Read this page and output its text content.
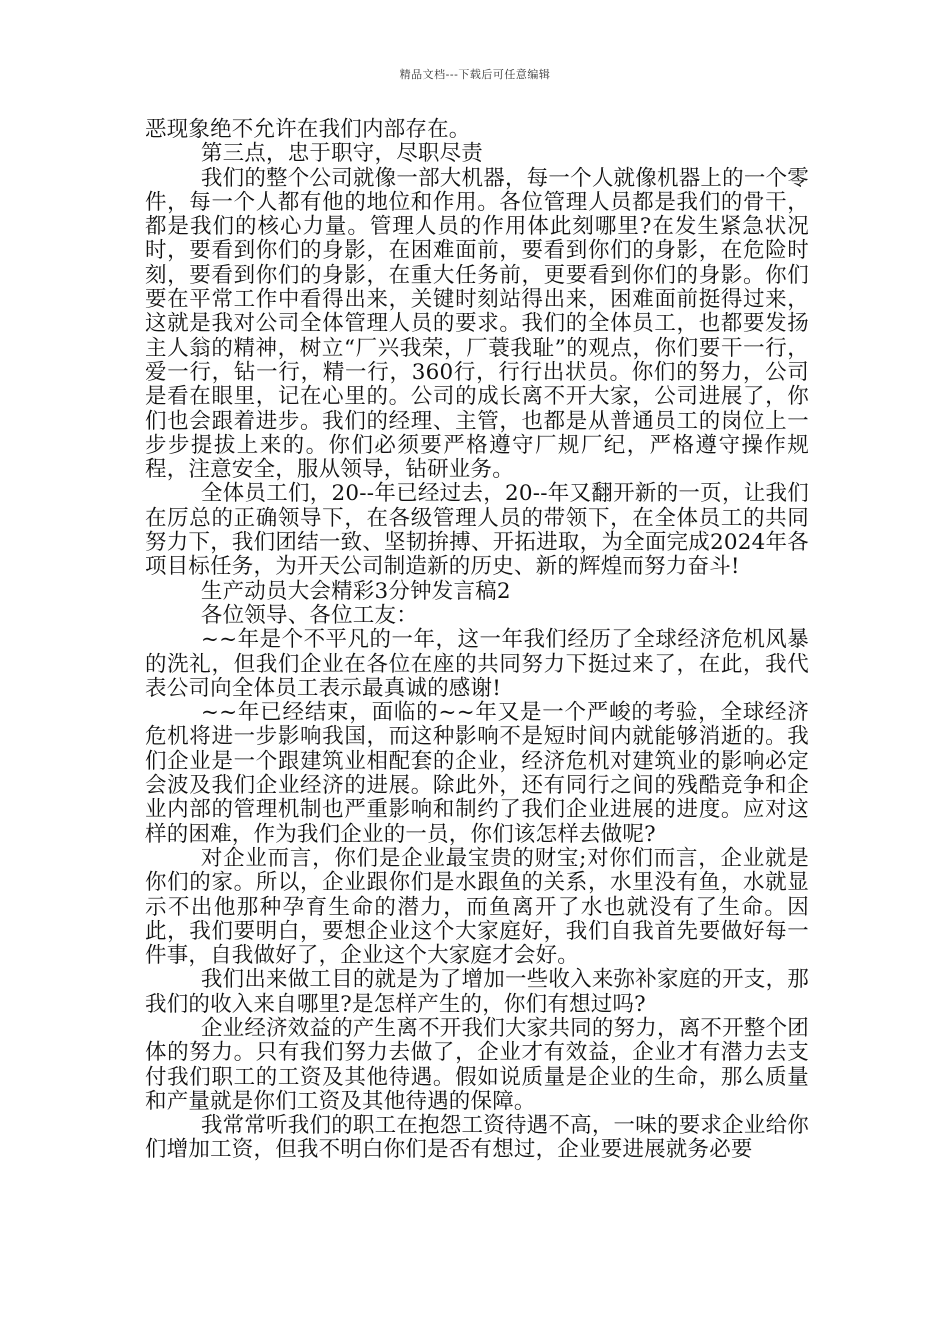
精品文档---下载后可任意编辑

恶现象绝不允许在我们内部存在。

第三点，忠于职守，尽职尽责

我们的整个公司就像一部大机器，每一个人就像机器上的一个零件，每一个人都有他的地位和作用。各位管理人员都是我们的骨干，都是我们的核心力量。管理人员的作用体此刻哪里?在发生紧急状况时，要看到你们的身影，在困难面前，要看到你们的身影，在危险时刻，要看到你们的身影，在重大任务前，更要看到你们的身影。你们要在平常工作中看得出来，关键时刻站得出来，困难面前挺得过来，这就是我对公司全体管理人员的要求。我们的全体员工，也都要发扬主人翁的精神，树立“厂兴我荣，厂蓑我耻”的观点，你们要干一行，爱一行，钻一行，精一行，360行，行行出状员。你们的努力，公司是看在眼里，记在心里的。公司的成长离不开大家，公司进展了，你们也会跟着进步。我们的经理、主管，也都是从普通员工的岗位上一步步提拔上来的。你们必须要严格遵守厂规厂纪，严格遵守操作规程，注意安全，服从领导，钻研业务。

全体员工们，20--年已经过去，20--年又翻开新的一页，让我们在厉总的正确领导下，在各级管理人员的带领下，在全体员工的共同努力下，我们团结一致、坚韧拚搏、开拓进取，为全面完成2024年各项目标任务，为开天公司制造新的历史、新的辉煌而努力奋斗!

生产动员大会精彩3分钟发言稿2

各位领导、各位工友：

~~年是个不平凡的一年，这一年我们经历了全球经济危机风暴的洗礼，但我们企业在各位在座的共同努力下挺过来了，在此，我代表公司向全体员工表示最真诚的感谢!

~~年已经结束，面临的~~年又是一个严峻的考验，全球经济危机将进一步影响我国，而这种影响不是短时间内就能够消逝的。我们企业是一个跟建筑业相配套的企业，经济危机对建筑业的影响必定会波及我们企业经济的进展。除此外，还有同行之间的残酷竞争和企业内部的管理机制也严重影响和制约了我们企业进展的进度。应对这样的困难，作为我们企业的一员，你们该怎样去做呢?

对企业而言，你们是企业最宝贵的财宝;对你们而言，企业就是你们的家。所以，企业跟你们是水跟鱼的关系，水里没有鱼，水就显示不出他那种孕育生命的潜力，而鱼离开了水也就没有了生命。因此，我们要明白，要想企业这个大家庭好，我们自我首先要做好每一件事，自我做好了，企业这个大家庭才会好。

我们出来做工目的就是为了增加一些收入来弥补家庭的开支，那我们的收入来自哪里?是怎样产生的，你们有想过吗?

企业经济效益的产生离不开我们大家共同的努力，离不开整个团体的努力。只有我们努力去做了，企业才有效益，企业才有潜力去支付我们职工的工资及其他待遇。假如说质量是企业的生命，那么质量和产量就是你们工资及其他待遇的保障。

我常常听我们的职工在抱怨工资待遇不高，一味的要求企业给你们增加工资，但我不明白你们是否有想过，企业要进展就务必要
